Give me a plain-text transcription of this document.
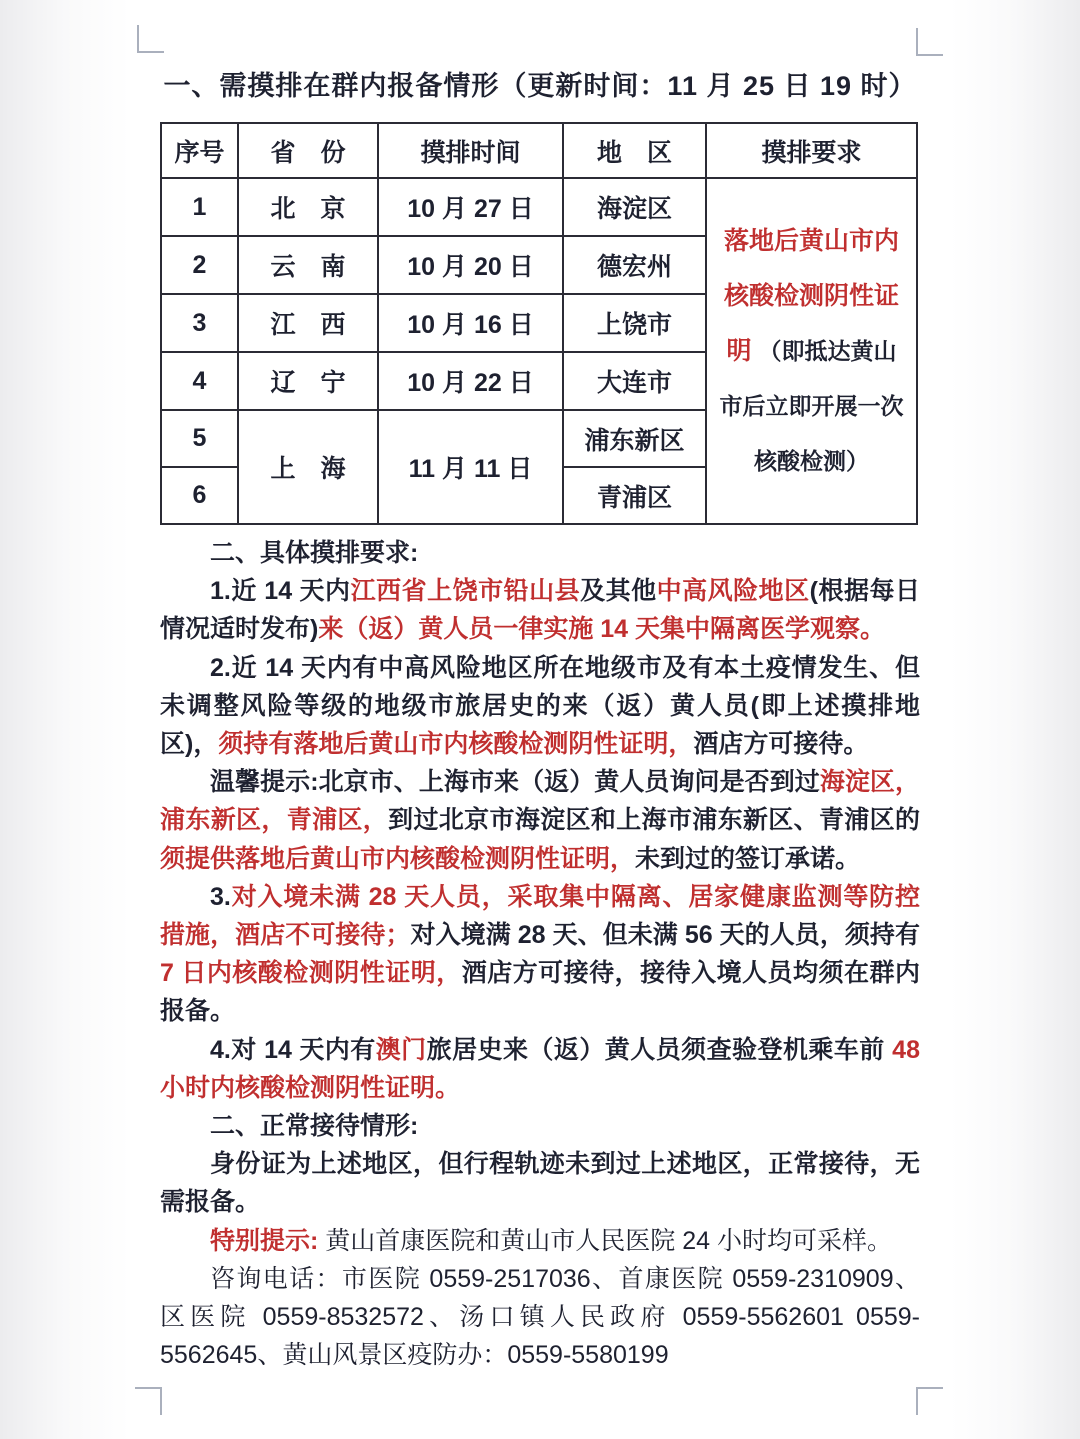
一、需摸排在群内报备情形（更新时间：11 月 25 日 19 时）
序号	省　份	摸排时间	地　区	摸排要求
1	北　京	10 月 27 日	海淀区	落地后黄山市内核酸检测阴性证明 （即抵达黄山市后立即开展一次核酸检测）
2	云　南	10 月 20 日	德宏州	
3	江　西	10 月 16 日	上饶市	
4	辽　宁	10 月 22 日	大连市	
5	上　海	11 月 11 日	浦东新区	
6			青浦区	
二、具体摸排要求:
1.近 14 天内江西省上饶市铅山县及其他中高风险地区(根据每日情况适时发布)来（返）黄人员一律实施 14 天集中隔离医学观察。
2.近 14 天内有中高风险地区所在地级市及有本土疫情发生、但未调整风险等级的地级市旅居史的来（返）黄人员(即上述摸排地区)，须持有落地后黄山市内核酸检测阴性证明，酒店方可接待。
温馨提示:北京市、上海市来（返）黄人员询问是否到过海淀区，浦东新区，青浦区，到过北京市海淀区和上海市浦东新区、青浦区的须提供落地后黄山市内核酸检测阴性证明，未到过的签订承诺。
3.对入境未满 28 天人员，采取集中隔离、居家健康监测等防控措施，酒店不可接待；对入境满 28 天、但未满 56 天的人员，须持有 7 日内核酸检测阴性证明，酒店方可接待，接待入境人员均须在群内报备。
4.对 14 天内有澳门旅居史来（返）黄人员须查验登机乘车前 48 小时内核酸检测阴性证明。
二、正常接待情形:
身份证为上述地区，但行程轨迹未到过上述地区，正常接待，无需报备。
特别提示: 黄山首康医院和黄山市人民医院 24 小时均可采样。
咨询电话：市医院 0559-2517036、首康医院 0559-2310909、区医院 0559-8532572、汤口镇人民政府 0559-5562601 0559-5562645、黄山风景区疫防办：0559-5580199
